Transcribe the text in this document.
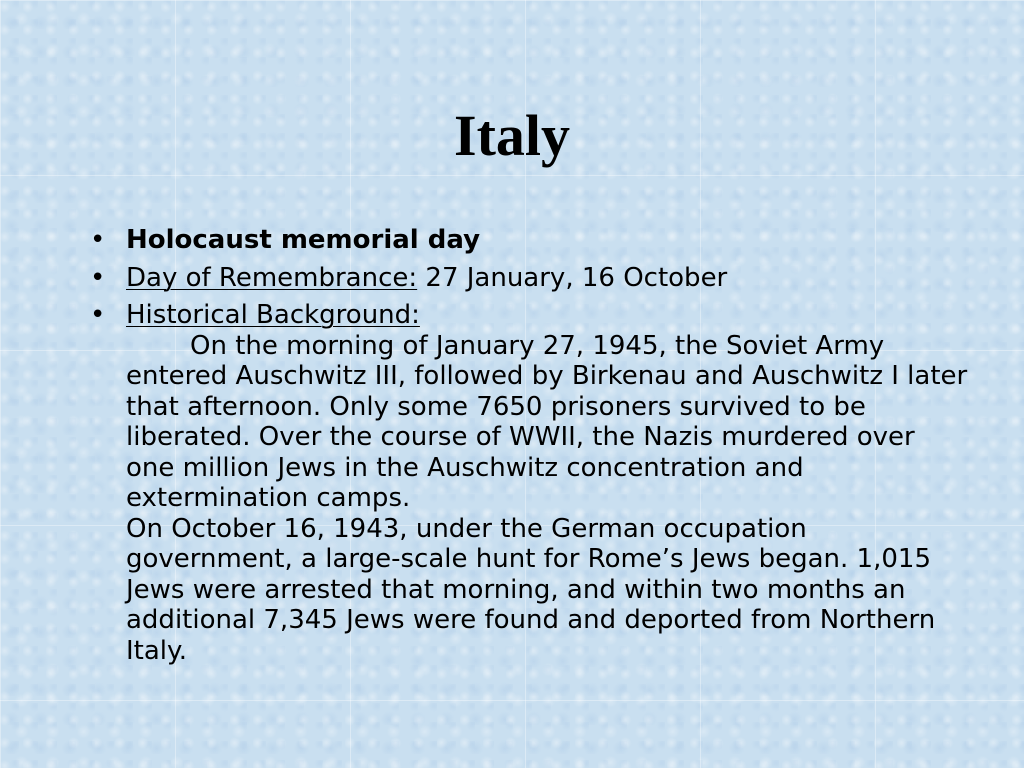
Italy
• Holocaust memorial day
• Day of Remembrance: 27 January, 16 October
• Historical Background:
On the morning of January 27, 1945, the Soviet Army entered Auschwitz III, followed by Birkenau and Auschwitz I later that afternoon. Only some 7650 prisoners survived to be liberated. Over the course of WWII, the Nazis murdered over one million Jews in the Auschwitz concentration and extermination camps.
On October 16, 1943, under the German occupation government, a large-scale hunt for Rome’s Jews began. 1,015 Jews were arrested that morning, and within two months an additional 7,345 Jews were found and deported from Northern Italy.
